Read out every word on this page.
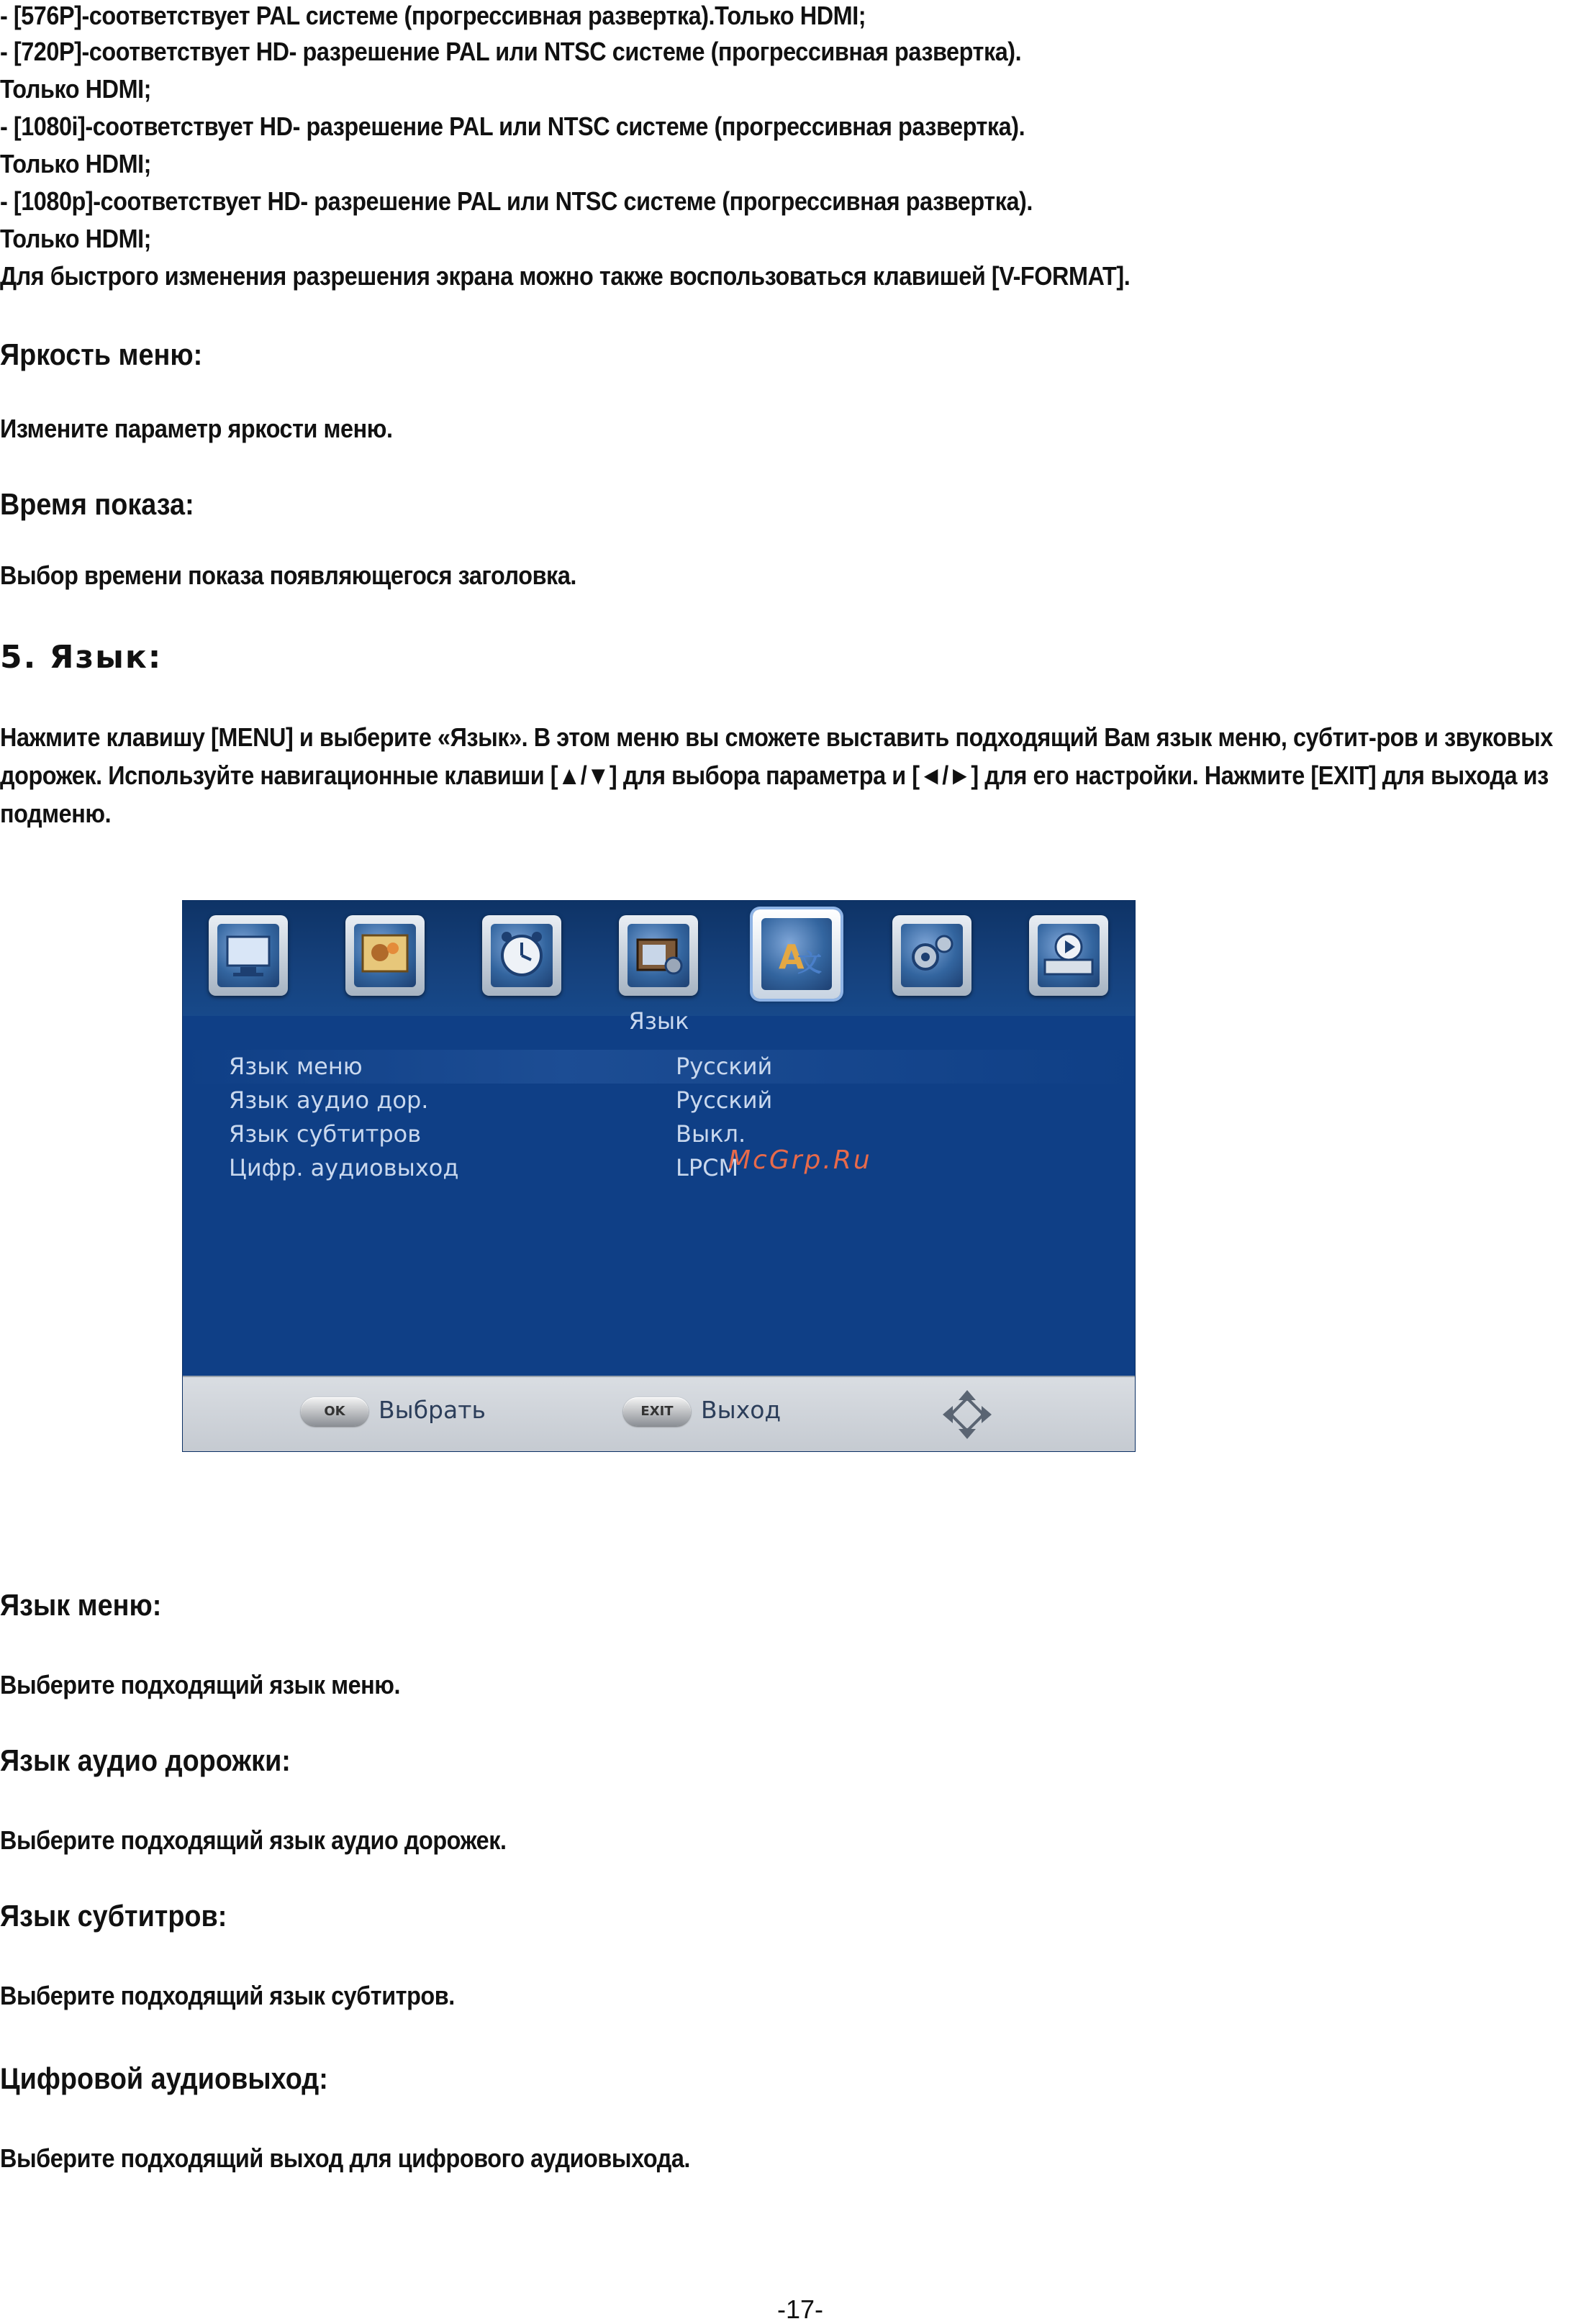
- [576P]-соответствует PAL системе (прогрессивная развертка).Только HDMI;
- [720P]-соответствует HD- разрешение PAL или NTSC системе (прогрессивная развертка).
Только HDMI;
- [1080i]-соответствует HD- разрешение PAL или NTSC системе (прогрессивная развертка).
Только HDMI;
- [1080p]-соответствует HD- разрешение PAL или NTSC системе (прогрессивная развертка).
Только HDMI;
Для быстрого изменения разрешения экрана можно также воспользоваться клавишей [V-FORMAT].
Яркость меню:
Измените параметр яркости меню.
Время показа:
Выбор времени показа появляющегося заголовка.
5. Язык:
Нажмите клавишу [MENU] и выберите «Язык». В этом меню вы сможете выставить подходящий Вам язык меню, субтит-ров и звуковых дорожек. Используйте навигационные клавиши [▲/▼] для выбора параметра и [◄/►] для его настройки. Нажмите [EXIT] для выхода из подменю.
A
文
Язык
Язык меню	Русский
Язык аудио дор.	Русский
Язык субтитров	Выкл.
Цифр. аудиовыход	LPCM
McGrp.Ru
OK	Выбрать	EXIT	Выход
Язык меню:
Выберите подходящий язык меню.
Язык аудио дорожки:
Выберите подходящий язык аудио дорожек.
Язык субтитров:
Выберите подходящий язык субтитров.
Цифровой аудиовыход:
Выберите подходящий выход для цифрового аудиовыхода.
-17-
